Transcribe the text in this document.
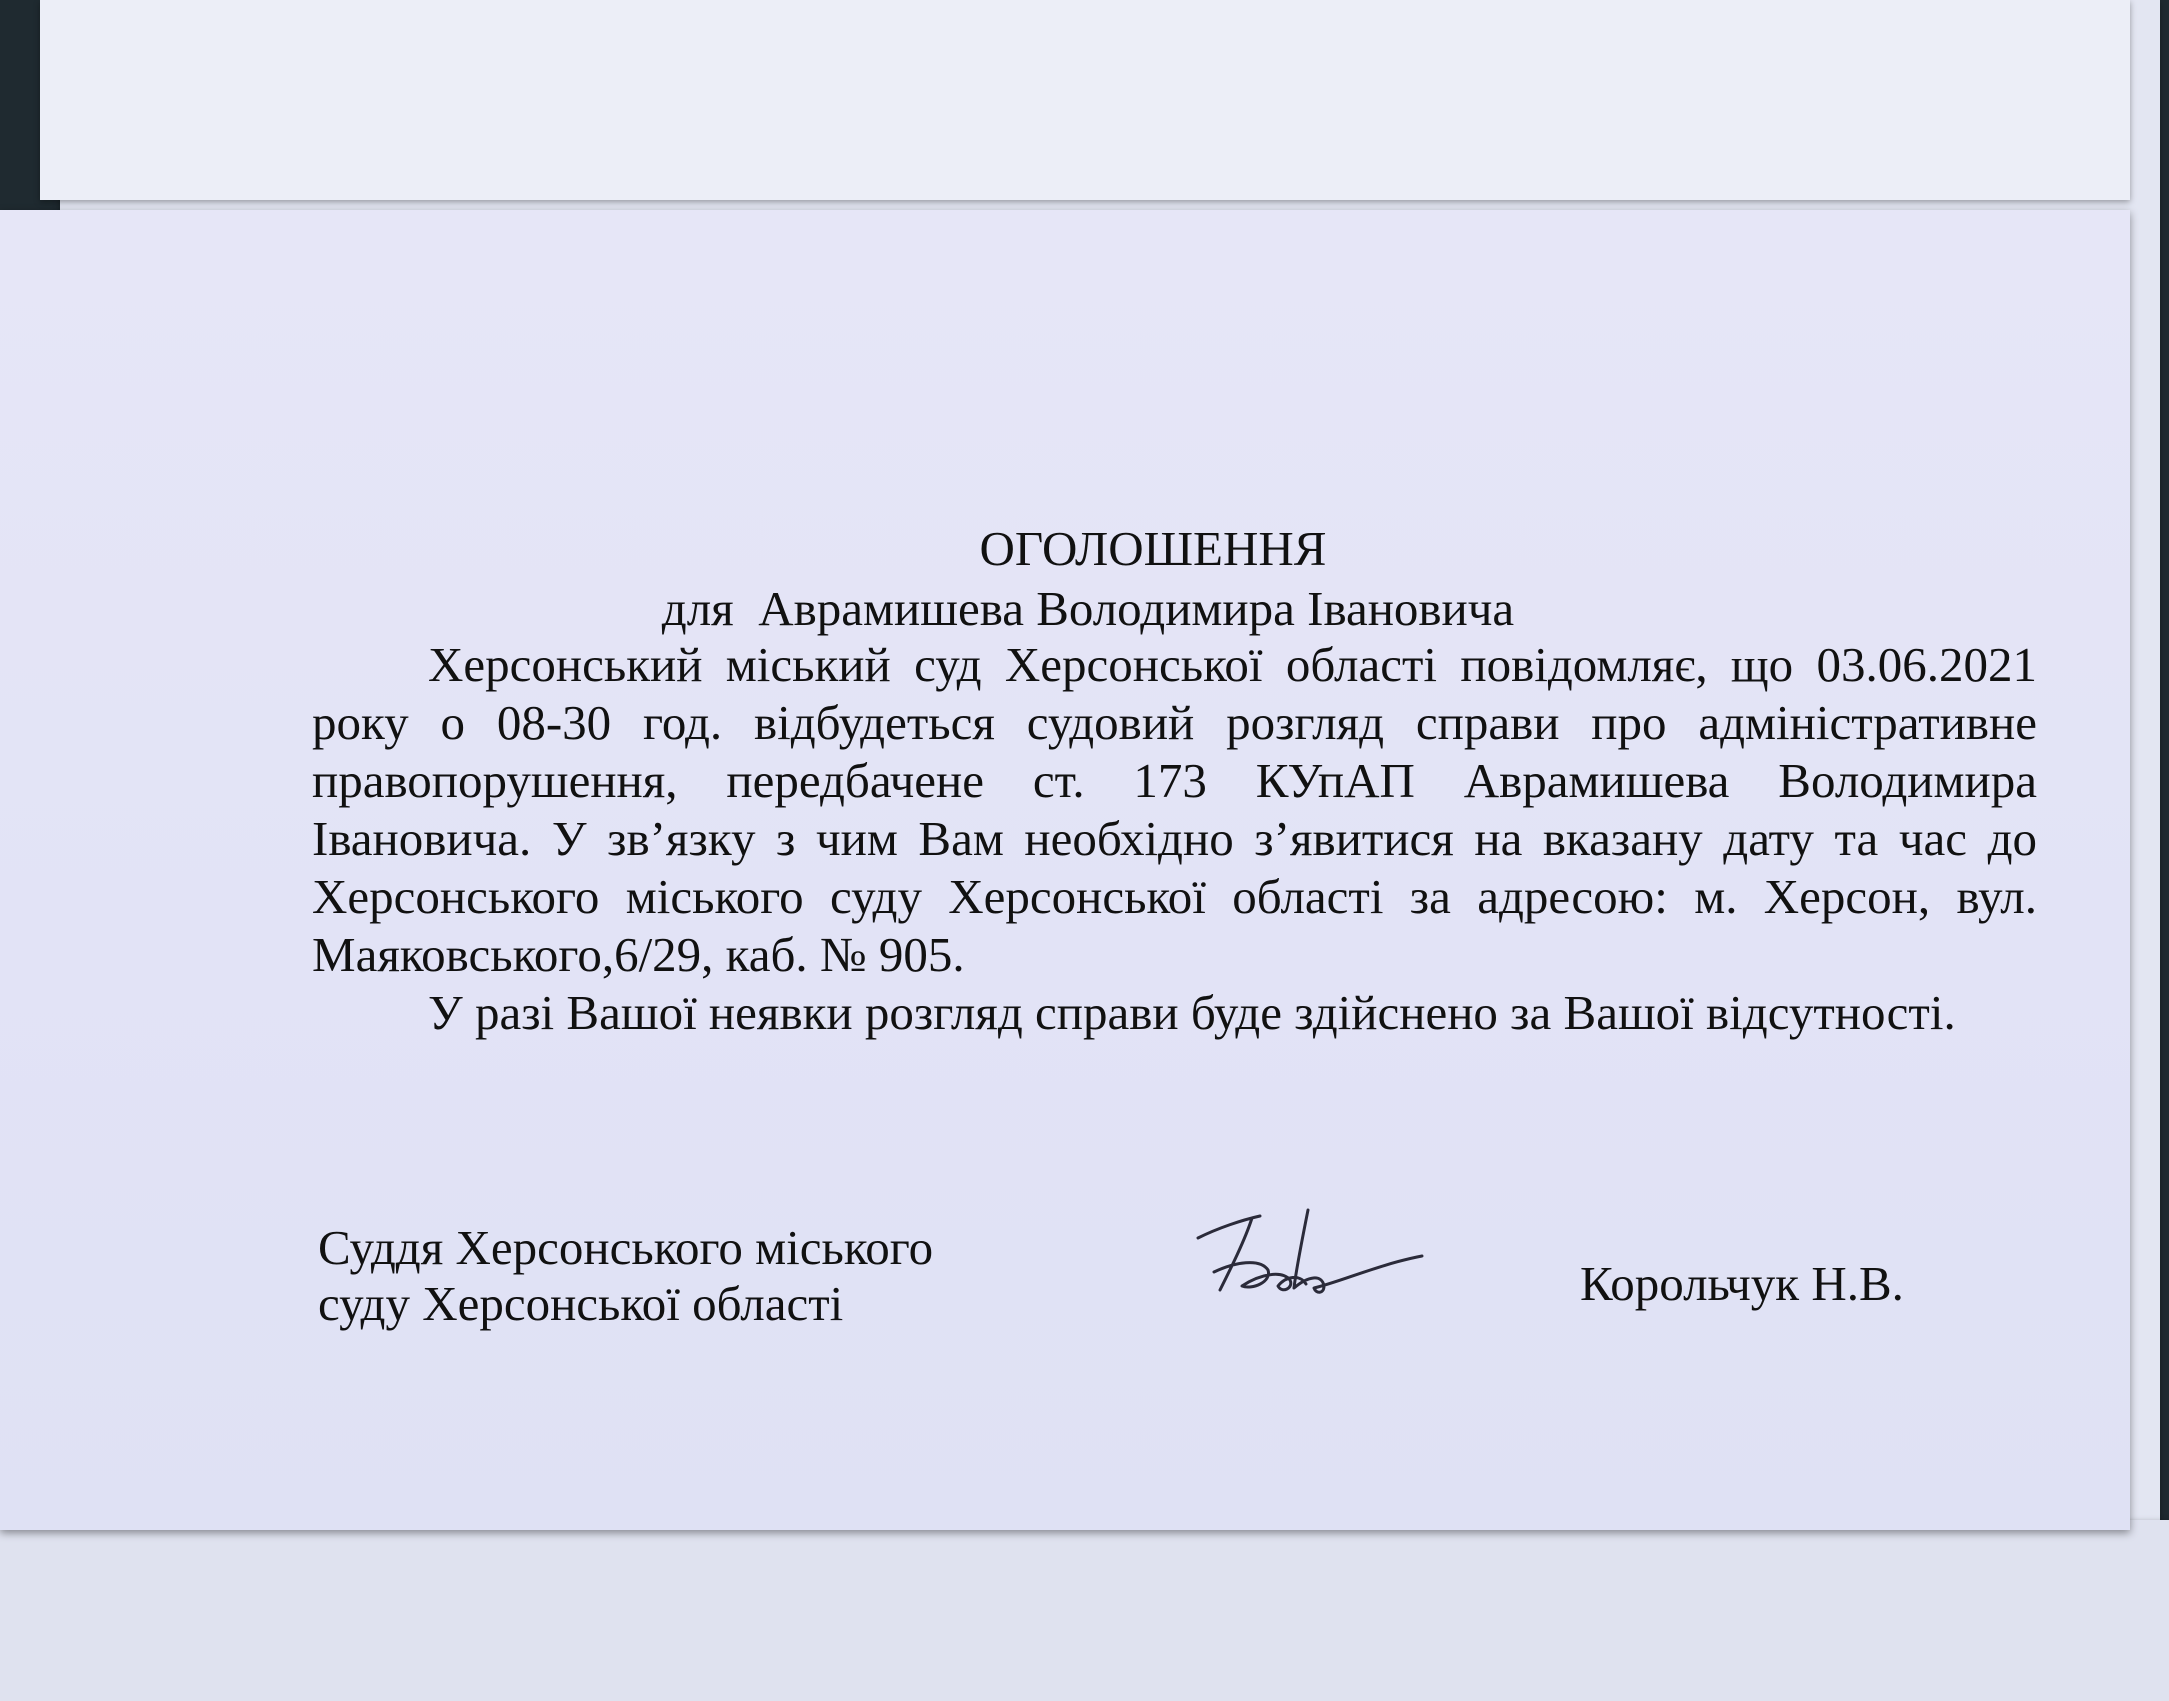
ОГОЛОШЕННЯ
для  Аврамишева Володимира Івановича

Херсонський міський суд Херсонської області повідомляє, що 03.06.2021 року о 08-30 год. відбудеться судовий розгляд справи про адміністративне правопорушення, передбачене ст. 173 КУпАП Аврамишева Володимира Івановича. У зв’язку з чим Вам необхідно з’явитися на вказану дату та час до Херсонського міського суду Херсонської області за адресою: м. Херсон, вул. Маяковського,6/29, каб. № 905.

У разі Вашої неявки розгляд справи буде здійснено за Вашої відсутності.

Суддя Херсонського міського
суду Херсонської області	Корольчук Н.В.
